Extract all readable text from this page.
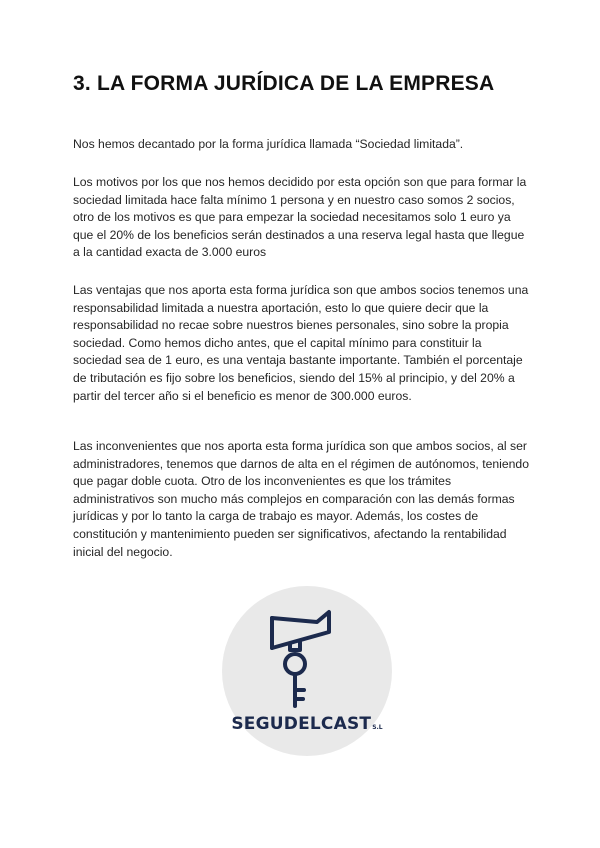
3. LA FORMA JURÍDICA DE LA EMPRESA

Nos hemos decantado por la forma jurídica llamada “Sociedad limitada”.

Los motivos por los que nos hemos decidido por esta opción son que para formar la sociedad limitada hace falta mínimo 1 persona y en nuestro caso somos 2 socios, otro de los motivos es que para empezar la sociedad necesitamos solo 1 euro ya que el 20% de los beneficios serán destinados a una reserva legal hasta que llegue a la cantidad exacta de 3.000 euros

Las ventajas que nos aporta esta forma jurídica son que ambos socios tenemos una responsabilidad limitada a nuestra aportación, esto lo que quiere decir que la responsabilidad no recae sobre nuestros bienes personales, sino sobre la propia sociedad. Como hemos dicho antes, que el capital mínimo para constituir la sociedad sea de 1 euro, es una ventaja bastante importante. También el porcentaje de tributación es fijo sobre los beneficios, siendo del 15% al principio, y del 20% a partir del tercer año si el beneficio es menor de 300.000 euros.

Las inconvenientes que nos aporta esta forma jurídica son que ambos socios, al ser administradores, tenemos que darnos de alta en el régimen de autónomos, teniendo que pagar doble cuota. Otro de los inconvenientes es que los trámites administrativos son mucho más complejos en comparación con las demás formas jurídicas y por lo tanto la carga de trabajo es mayor. Además, los costes de constitución y mantenimiento pueden ser significativos, afectando la rentabilidad inicial del negocio.

SEGUDELCASTS.L
